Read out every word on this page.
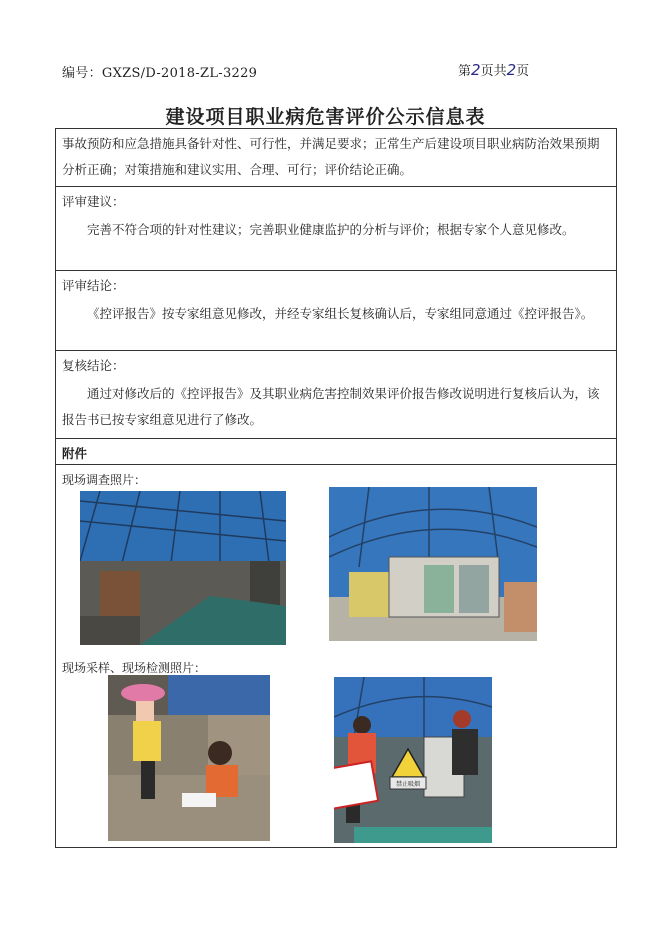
编号：GXZS/D-2018-ZL-3229	第2页共2页
建设项目职业病危害评价公示信息表
事故预防和应急措施具备针对性、可行性，并满足要求；正常生产后建设项目职业病防治效果预期分析正确；对策措施和建议实用、合理、可行；评价结论正确。
评审建议：
完善不符合项的针对性建议；完善职业健康监护的分析与评价；根据专家个人意见修改。
评审结论：
《控评报告》按专家组意见修改，并经专家组长复核确认后，专家组同意通过《控评报告》。
复核结论：
通过对修改后的《控评报告》及其职业病危害控制效果评价报告修改说明进行复核后认为，该报告书已按专家组意见进行了修改。
附件
现场调查照片：
现场采样、现场检测照片：
禁止吸烟
